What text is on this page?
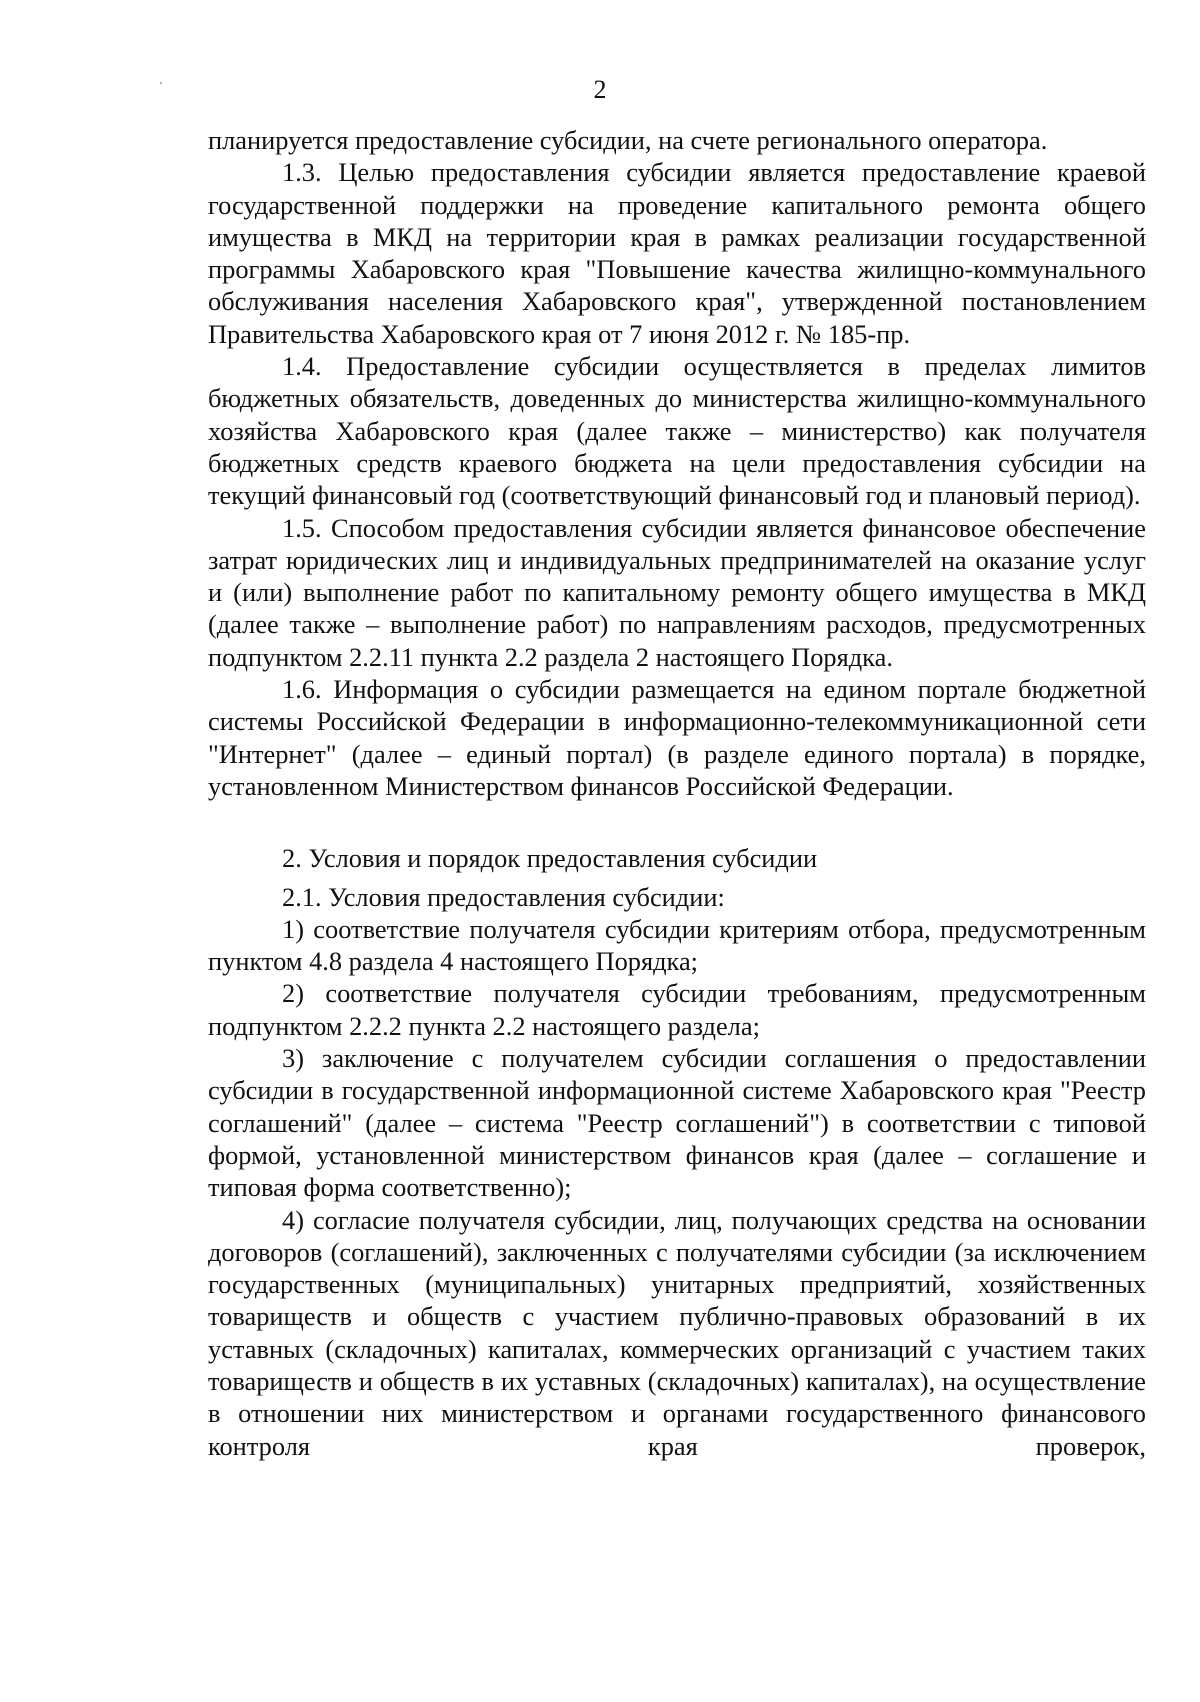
2

планируется предоставление субсидии, на счете регионального оператора.

1.3. Целью предоставления субсидии является предоставление краевой государственной поддержки на проведение капитального ремонта общего имущества в МКД на территории края в рамках реализации государственной программы Хабаровского края "Повышение качества жилищно-коммунального обслуживания населения Хабаровского края", утвержденной постановлением Правительства Хабаровского края от 7 июня 2012 г. № 185-пр.

1.4. Предоставление субсидии осуществляется в пределах лимитов бюджетных обязательств, доведенных до министерства жилищно-коммунального хозяйства Хабаровского края (далее также – министерство) как получателя бюджетных средств краевого бюджета на цели предоставления субсидии на текущий финансовый год (соответствующий финансовый год и плановый период).

1.5. Способом предоставления субсидии является финансовое обеспечение затрат юридических лиц и индивидуальных предпринимателей на оказание услуг и (или) выполнение работ по капитальному ремонту общего имущества в МКД (далее также – выполнение работ) по направлениям расходов, предусмотренных подпунктом 2.2.11 пункта 2.2 раздела 2 настоящего Порядка.

1.6. Информация о субсидии размещается на едином портале бюджетной системы Российской Федерации в информационно-телекоммуникационной сети "Интернет" (далее – единый портал) (в разделе единого портала) в порядке, установленном Министерством финансов Российской Федерации.

2. Условия и порядок предоставления субсидии

2.1. Условия предоставления субсидии:

1) соответствие получателя субсидии критериям отбора, предусмотренным пунктом 4.8 раздела 4 настоящего Порядка;

2) соответствие получателя субсидии требованиям, предусмотренным подпунктом 2.2.2 пункта 2.2 настоящего раздела;

3) заключение с получателем субсидии соглашения о предоставлении субсидии в государственной информационной системе Хабаровского края "Реестр соглашений" (далее – система "Реестр соглашений") в соответствии с типовой формой, установленной министерством финансов края (далее – соглашение и типовая форма соответственно);

4) согласие получателя субсидии, лиц, получающих средства на основании договоров (соглашений), заключенных с получателями субсидии (за исключением государственных (муниципальных) унитарных предприятий, хозяйственных товариществ и обществ с участием публично-правовых образований в их уставных (складочных) капиталах, коммерческих организаций с участием таких товариществ и обществ в их уставных (складочных) капиталах), на осуществление в отношении них министерством и органами государственного финансового контроля края проверок,
